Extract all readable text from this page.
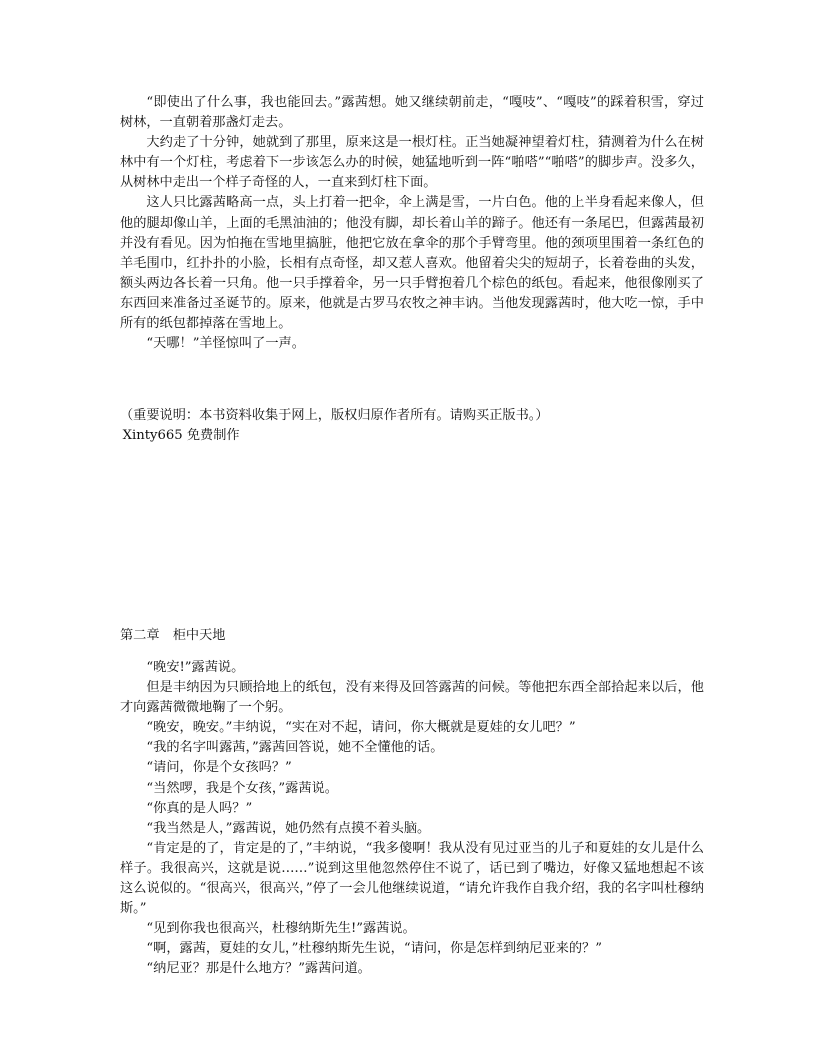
“即使出了什么事，我也能回去。”露茜想。她又继续朝前走，“嘎吱”、“嘎吱”的踩着积雪，穿过树林，一直朝着那盏灯走去。

大约走了十分钟，她就到了那里，原来这是一根灯柱。正当她凝神望着灯柱，猜测着为什么在树林中有一个灯柱，考虑着下一步该怎么办的时候，她猛地听到一阵“啪嗒”“啪嗒”的脚步声。没多久，从树林中走出一个样子奇怪的人，一直来到灯柱下面。

这人只比露茜略高一点，头上打着一把伞，伞上满是雪，一片白色。他的上半身看起来像人，但他的腿却像山羊，上面的毛黑油油的；他没有脚，却长着山羊的蹄子。他还有一条尾巴，但露茜最初并没有看见。因为怕拖在雪地里搞脏，他把它放在拿伞的那个手臂弯里。他的颈项里围着一条红色的羊毛围巾，红扑扑的小脸，长相有点奇怪，却又惹人喜欢。他留着尖尖的短胡子，长着卷曲的头发，额头两边各长着一只角。他一只手撑着伞，另一只手臂抱着几个棕色的纸包。看起来，他很像刚买了东西回来准备过圣诞节的。原来，他就是古罗马农牧之神丰讷。当他发现露茜时，他大吃一惊，手中所有的纸包都掉落在雪地上。

“天哪！”羊怪惊叫了一声。

（重要说明：本书资料收集于网上，版权归原作者所有。请购买正版书。）

Xinty665 免费制作

第二章　柜中天地

“晚安!”露茜说。

但是丰纳因为只顾拾地上的纸包，没有来得及回答露茜的问候。等他把东西全部拾起来以后，他才向露茜微微地鞠了一个躬。

“晚安，晚安。”丰纳说，“实在对不起，请问，你大概就是夏娃的女儿吧？”

“我的名字叫露茜，”露茜回答说，她不全懂他的话。

“请问，你是个女孩吗？”

“当然啰，我是个女孩，”露茜说。

“你真的是人吗？”

“我当然是人，”露茜说，她仍然有点摸不着头脑。

“肯定是的了，肯定是的了，”丰纳说，“我多傻啊！我从没有见过亚当的儿子和夏娃的女儿是什么样子。我很高兴，这就是说……”说到这里他忽然停住不说了，话已到了嘴边，好像又猛地想起不该这么说似的。“很高兴，很高兴，”停了一会儿他继续说道，“请允许我作自我介绍，我的名字叫杜穆纳斯。”

“见到你我也很高兴，杜穆纳斯先生!”露茜说。

“啊，露茜，夏娃的女儿，”杜穆纳斯先生说，“请问，你是怎样到纳尼亚来的？”

“纳尼亚？那是什么地方？”露茜问道。
